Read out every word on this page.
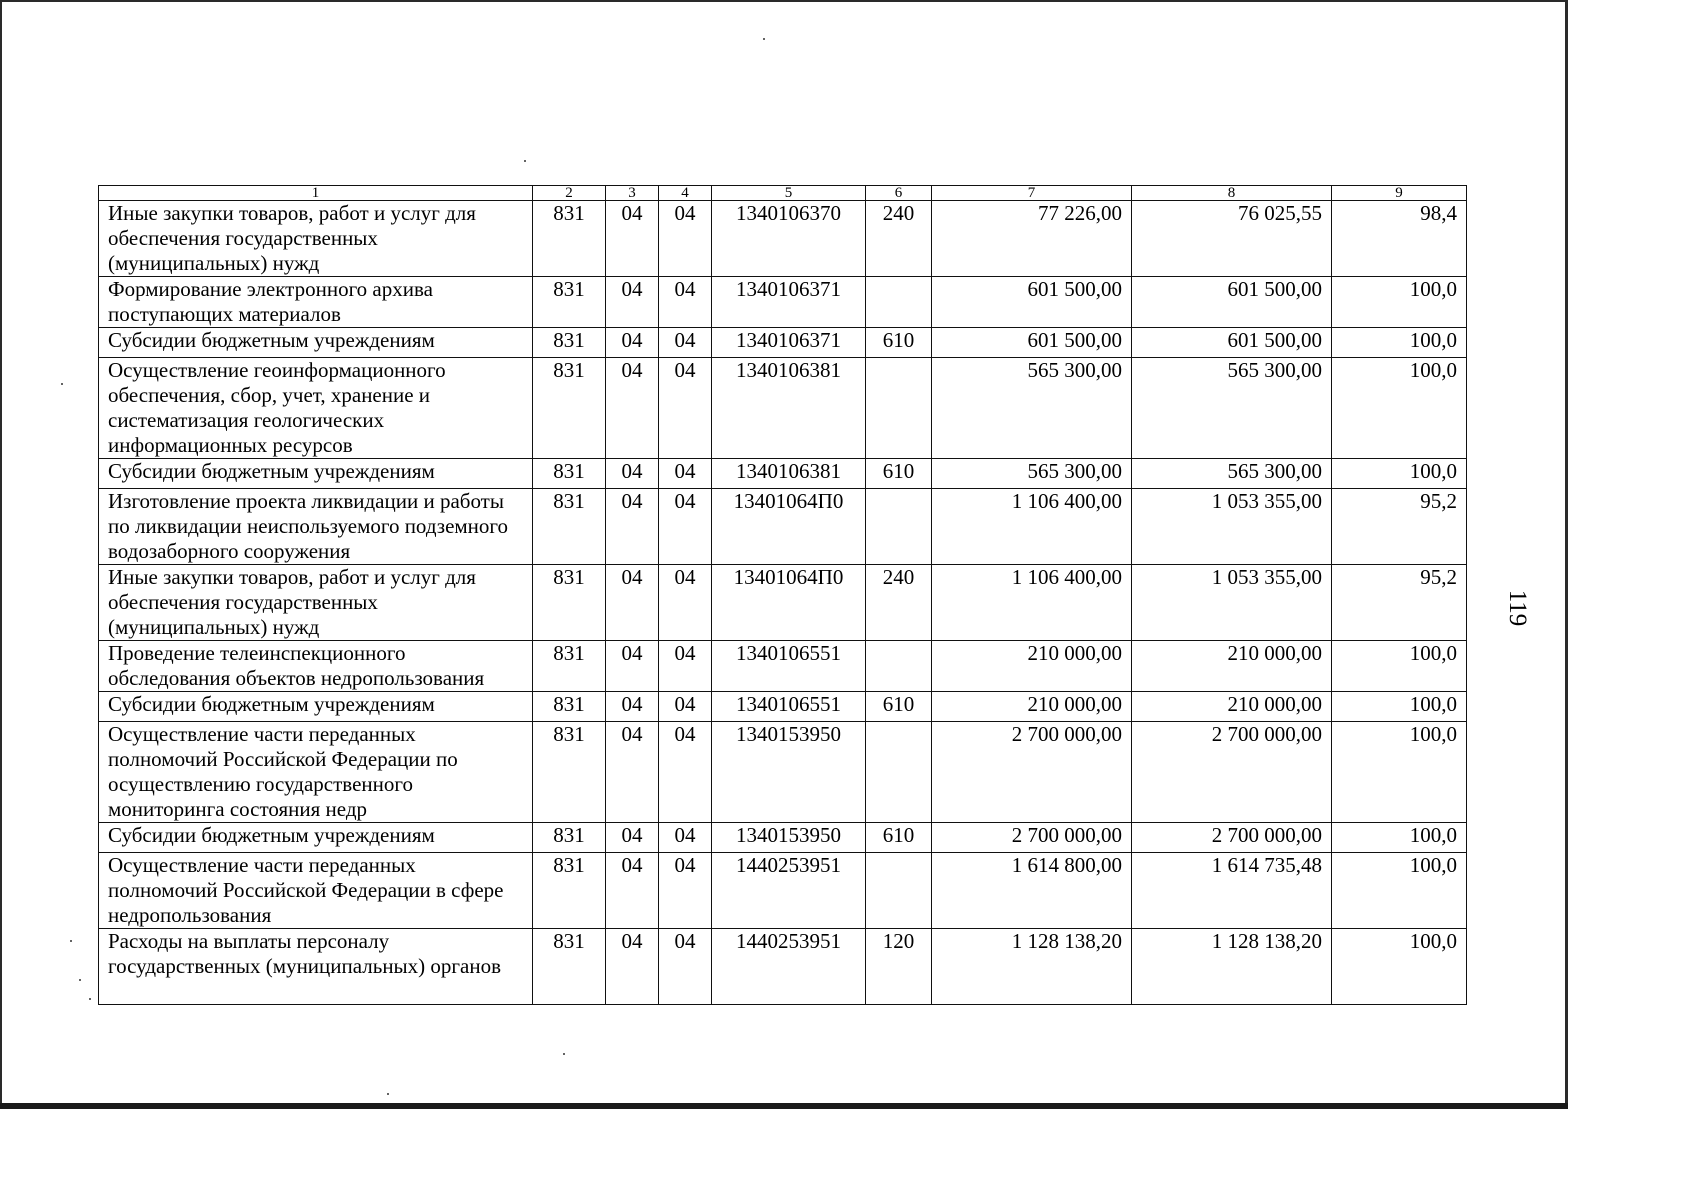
1	2	3	4	5	6	7	8	9
Иные закупки товаров, работ и услуг для обеспечения государственных (муниципальных) нужд	831	04	04	1340106370	240	77 226,00	76 025,55	98,4
Формирование электронного архива поступающих материалов	831	04	04	1340106371		601 500,00	601 500,00	100,0
Субсидии бюджетным учреждениям	831	04	04	1340106371	610	601 500,00	601 500,00	100,0
Осуществление геоинформационного обеспечения, сбор, учет, хранение и систематизация геологических информационных ресурсов	831	04	04	1340106381		565 300,00	565 300,00	100,0
Субсидии бюджетным учреждениям	831	04	04	1340106381	610	565 300,00	565 300,00	100,0
Изготовление проекта ликвидации и работы по ликвидации неиспользуемого подземного водозаборного сооружения	831	04	04	13401064П0		1 106 400,00	1 053 355,00	95,2
Иные закупки товаров, работ и услуг для обеспечения государственных (муниципальных) нужд	831	04	04	13401064П0	240	1 106 400,00	1 053 355,00	95,2
Проведение телеинспекционного обследования объектов недропользования	831	04	04	1340106551		210 000,00	210 000,00	100,0
Субсидии бюджетным учреждениям	831	04	04	1340106551	610	210 000,00	210 000,00	100,0
Осуществление части переданных полномочий Российской Федерации по осуществлению государственного мониторинга состояния недр	831	04	04	1340153950		2 700 000,00	2 700 000,00	100,0
Субсидии бюджетным учреждениям	831	04	04	1340153950	610	2 700 000,00	2 700 000,00	100,0
Осуществление части переданных полномочий Российской Федерации в сфере недропользования	831	04	04	1440253951		1 614 800,00	1 614 735,48	100,0
Расходы на выплаты персоналу государственных (муниципальных) органов	831	04	04	1440253951	120	1 128 138,20	1 128 138,20	100,0
119
